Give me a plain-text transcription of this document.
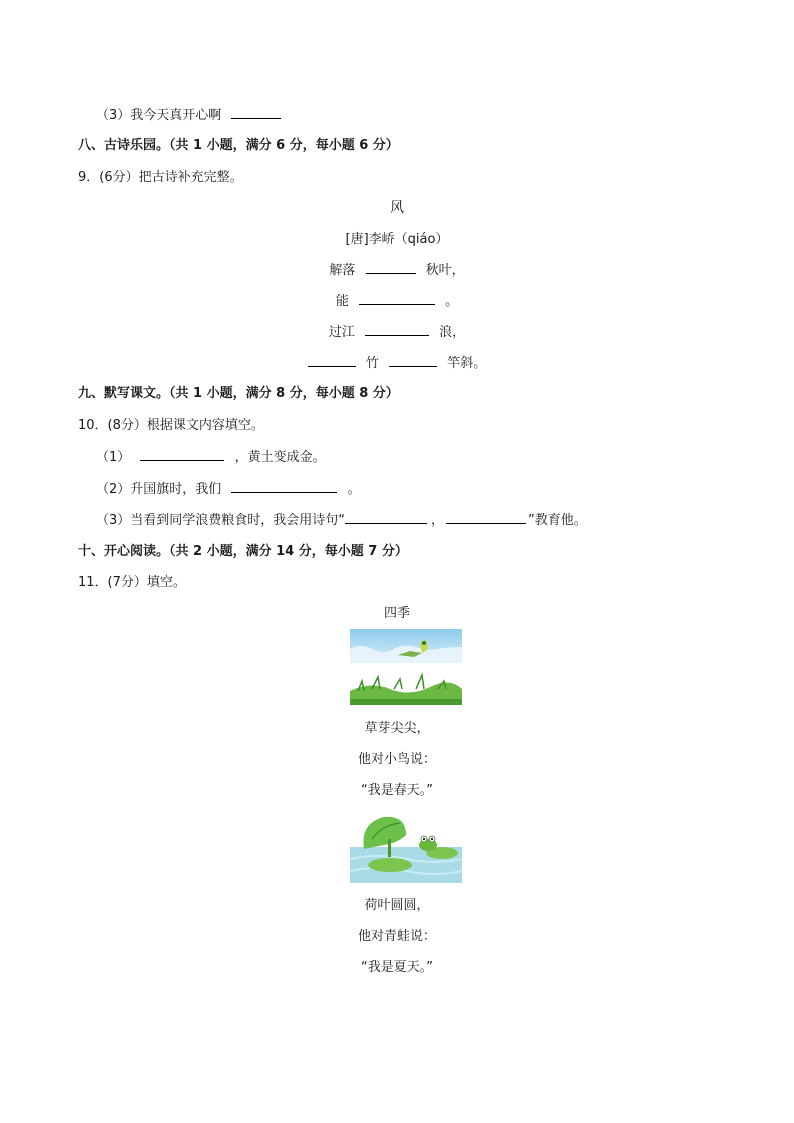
（3）我今天真开心啊
八、古诗乐园。（共 1 小题，满分 6 分，每小题 6 分）
9．(6分）把古诗补充完整。
风
[唐]李峤（qiáo）
解落	秋叶，
能	。
过江	浪，
竹	竿斜。
九、默写课文。（共 1 小题，满分 8 分，每小题 8 分）
10．(8分）根据课文内容填空。
（1）	，黄土变成金。
（2）升国旗时，我们	。
（3）当看到同学浪费粮食时，我会用诗句“	，	”教育他。
十、开心阅读。（共 2 小题，满分 14 分，每小题 7 分）
11．(7分）填空。
四季
草芽尖尖，
他对小鸟说：
“我是春天。”
荷叶圆圆，
他对青蛙说：
“我是夏天。”
